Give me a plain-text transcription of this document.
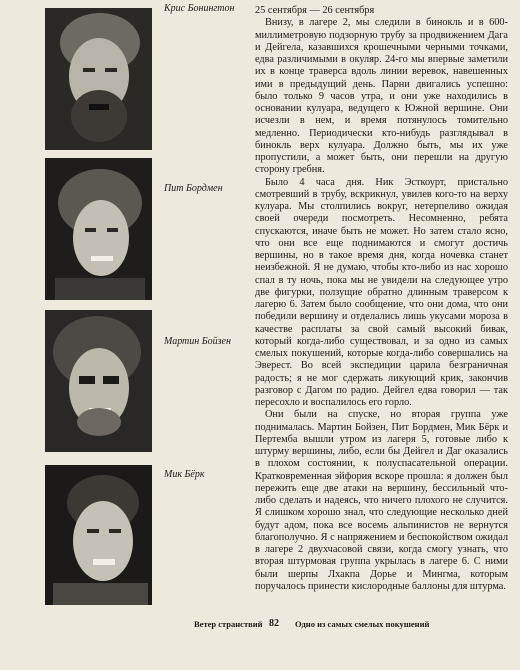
Крис Бонингтон
Пит Бордмен
Мартин Бойзен
Мик Бёрк

25 сентября — 26 сентября

Внизу, в лагере 2, мы следили в бинокль и в 600-миллиметровую подзорную трубу за продвижением Дага и Дейгела, казавшихся крошечными черными точками, едва различимыми в окуляр. 24-го мы впервые заметили их в конце траверса вдоль линии веревок, навешенных ими в предыдущий день. Парни двигались успешно: было только 9 часов утра, и они уже находились в основании кулуара, ведущего к Южной вершине. Они исчезли в нем, и время потянулось томительно медленно. Периодически кто-нибудь разглядывал в бинокль верх кулуара. Должно быть, мы их уже пропустили, а может быть, они перешли на другую сторону гребня.

Было 4 часа дня. Ник Эсткоурт, пристально смотревший в трубу, вскрикнул, увилев кого-то на верху кулуара. Мы столпились вокруг, нетерпеливо ожидая своей очереди посмотреть. Несомненно, ребята спускаются, иначе быть не может. Но затем стало ясно, что они все еще поднимаются и смогут достичь вершины, но в такое время дня, когда ночевка станет неизбежной. Я не думаю, чтобы кто-либо из нас хорошо спал в ту ночь, пока мы не увидели на следующее утро две фигурки, ползущие обратно длинным траверсом к лагерю 6. Затем было сообщение, что они дома, что они победили вершину и отделались лишь укусами мороза в качестве расплаты за свой самый высокий бивак, который когда-либо существовал, и за одно из самых смелых покушений, которые когда-либо совершались на Эверест. Во всей экспедиции царила безграничная радость; я не мог сдержать ликующий крик, закончив разговор с Дагом по радио. Дейгел едва говорил — так пересохло и воспалилось его горло.

Они были на спуске, но вторая группа уже поднималась. Мартин Бойзен, Пит Бордмен, Мик Бёрк и Пертемба вышли утром из лагеря 5, готовые либо к штурму вершины, либо, если бы Дейгел и Даг оказались в плохом состоянии, к полуспасательной операции. Кратковременная эйфория вскоре прошла: я должен был пережить еще две атаки на вершину, бессильный что-либо сделать и надеясь, что ничего плохого не случится. Я слишком хорошо знал, что следующие несколько дней будут адом, пока все восемь альпинистов не вернутся благополучно. Я с напряжением и беспокойством ожидал в лагере 2 двухчасовой связи, когда смогу узнать, что вторая штурмовая группа укрылась в лагере 6. С ними были шерпы Лхакпа Дорье и Мингма, которым поручалось принести кислородные баллоны для штурма.

Ветер странствий 82 Одно из самых смелых покушений
